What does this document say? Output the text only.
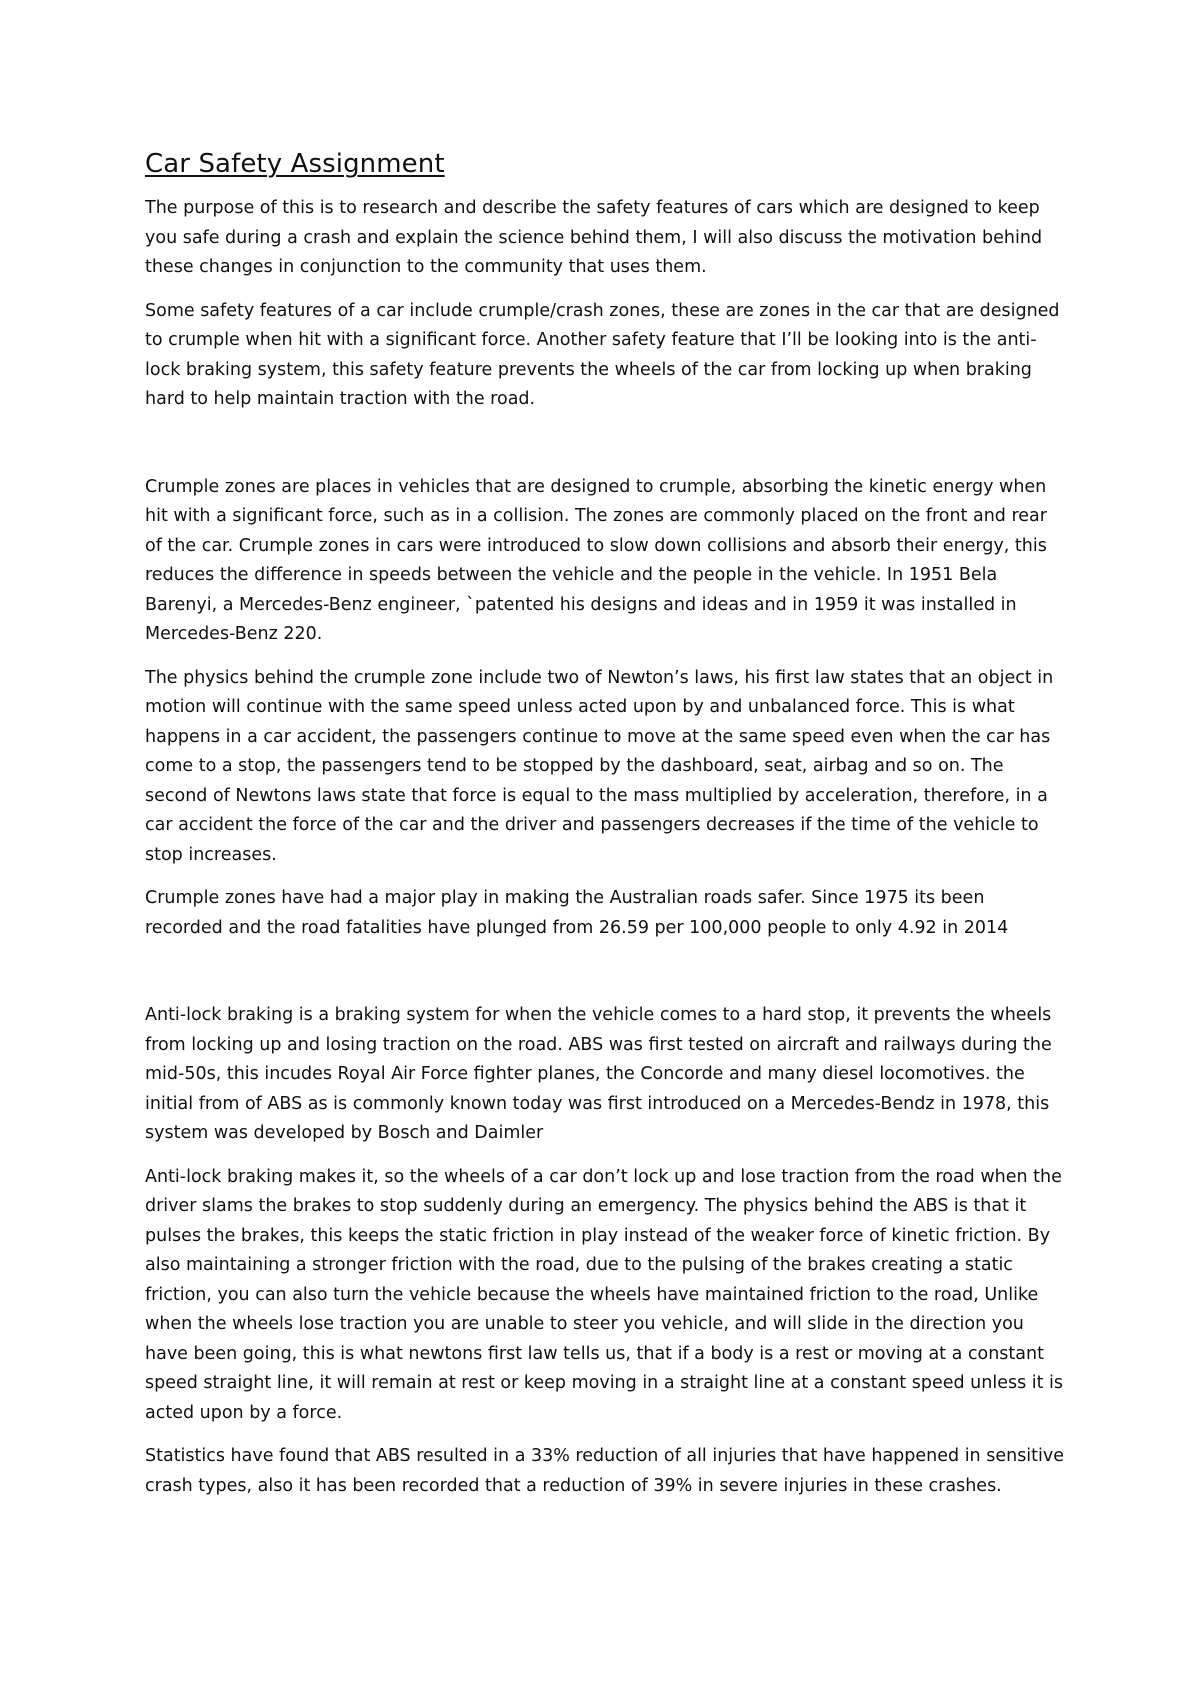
Car Safety Assignment

The purpose of this is to research and describe the safety features of cars which are designed to keep you safe during a crash and explain the science behind them, I will also discuss the motivation behind these changes in conjunction to the community that uses them.

Some safety features of a car include crumple/crash zones, these are zones in the car that are designed to crumple when hit with a significant force. Another safety feature that I’ll be looking into is the anti-lock braking system, this safety feature prevents the wheels of the car from locking up when braking hard to help maintain traction with the road.

Crumple zones are places in vehicles that are designed to crumple, absorbing the kinetic energy when hit with a significant force, such as in a collision. The zones are commonly placed on the front and rear of the car. Crumple zones in cars were introduced to slow down collisions and absorb their energy, this reduces the difference in speeds between the vehicle and the people in the vehicle. In 1951 Bela Barenyi, a Mercedes-Benz engineer, `patented his designs and ideas and in 1959 it was installed in Mercedes-Benz 220.

The physics behind the crumple zone include two of Newton’s laws, his first law states that an object in motion will continue with the same speed unless acted upon by and unbalanced force. This is what happens in a car accident, the passengers continue to move at the same speed even when the car has come to a stop, the passengers tend to be stopped by the dashboard, seat, airbag and so on. The second of Newtons laws state that force is equal to the mass multiplied by acceleration, therefore, in a car accident the force of the car and the driver and passengers decreases if the time of the vehicle to stop increases.

Crumple zones have had a major play in making the Australian roads safer. Since 1975 its been recorded and the road fatalities have plunged from 26.59 per 100,000 people to only 4.92 in 2014

Anti-lock braking is a braking system for when the vehicle comes to a hard stop, it prevents the wheels from locking up and losing traction on the road. ABS was first tested on aircraft and railways during the mid-50s, this incudes Royal Air Force fighter planes, the Concorde and many diesel locomotives. the initial from of ABS as is commonly known today was first introduced on a Mercedes-Bendz in 1978, this system was developed by Bosch and Daimler

Anti-lock braking makes it, so the wheels of a car don’t lock up and lose traction from the road when the driver slams the brakes to stop suddenly during an emergency. The physics behind the ABS is that it pulses the brakes, this keeps the static friction in play instead of the weaker force of kinetic friction. By also maintaining a stronger friction with the road, due to the pulsing of the brakes creating a static friction, you can also turn the vehicle because the wheels have maintained friction to the road, Unlike when the wheels lose traction you are unable to steer you vehicle, and will slide in the direction you have been going, this is what newtons first law tells us, that if a body is a rest or moving at a constant speed straight line, it will remain at rest or keep moving in a straight line at a constant speed unless it is acted upon by a force.

Statistics have found that ABS resulted in a 33% reduction of all injuries that have happened in sensitive crash types, also it has been recorded that a reduction of 39% in severe injuries in these crashes.
